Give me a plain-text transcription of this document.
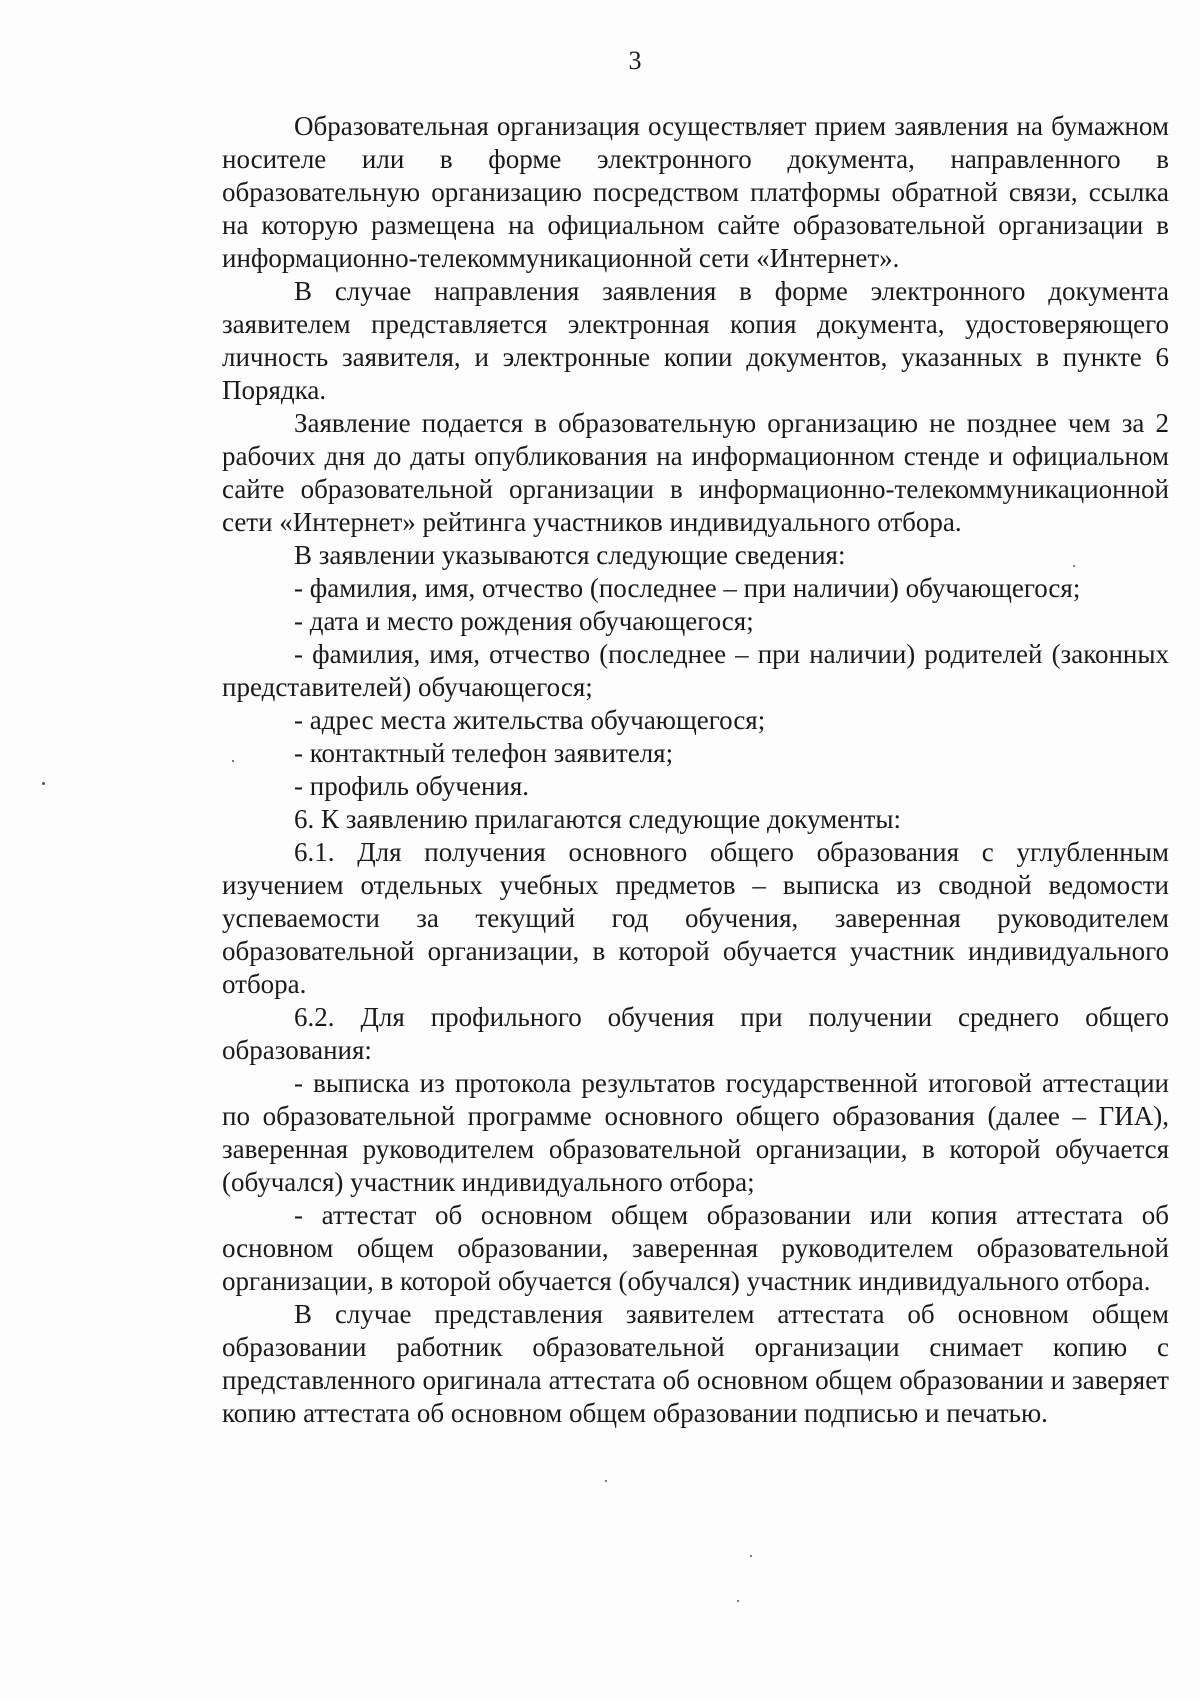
3

Образовательная организация осуществляет прием заявления на бумажном носителе или в форме электронного документа, направленного в образовательную организацию посредством платформы обратной связи, ссылка на которую размещена на официальном сайте образовательной организации в информационно-телекоммуникационной сети «Интернет».

В случае направления заявления в форме электронного документа заявителем представляется электронная копия документа, удостоверяющего личность заявителя, и электронные копии документов, указанных в пункте 6 Порядка.

Заявление подается в образовательную организацию не позднее чем за 2 рабочих дня до даты опубликования на информационном стенде и официальном сайте образовательной организации в информационно-телекоммуникационной сети «Интернет» рейтинга участников индивидуального отбора.

В заявлении указываются следующие сведения:

- фамилия, имя, отчество (последнее – при наличии) обучающегося;

- дата и место рождения обучающегося;

- фамилия, имя, отчество (последнее – при наличии) родителей (законных представителей) обучающегося;

- адрес места жительства обучающегося;

- контактный телефон заявителя;

- профиль обучения.

6. К заявлению прилагаются следующие документы:

6.1. Для получения основного общего образования с углубленным изучением отдельных учебных предметов – выписка из сводной ведомости успеваемости за текущий год обучения, заверенная руководителем образовательной организации, в которой обучается участник индивидуального отбора.

6.2. Для профильного обучения при получении среднего общего образования:

- выписка из протокола результатов государственной итоговой аттестации по образовательной программе основного общего образования (далее – ГИА), заверенная руководителем образовательной организации, в которой обучается (обучался) участник индивидуального отбора;

- аттестат об основном общем образовании или копия аттестата об основном общем образовании, заверенная руководителем образовательной организации, в которой обучается (обучался) участник индивидуального отбора.

В случае представления заявителем аттестата об основном общем образовании работник образовательной организации снимает копию с представленного оригинала аттестата об основном общем образовании и заверяет копию аттестата об основном общем образовании подписью и печатью.
